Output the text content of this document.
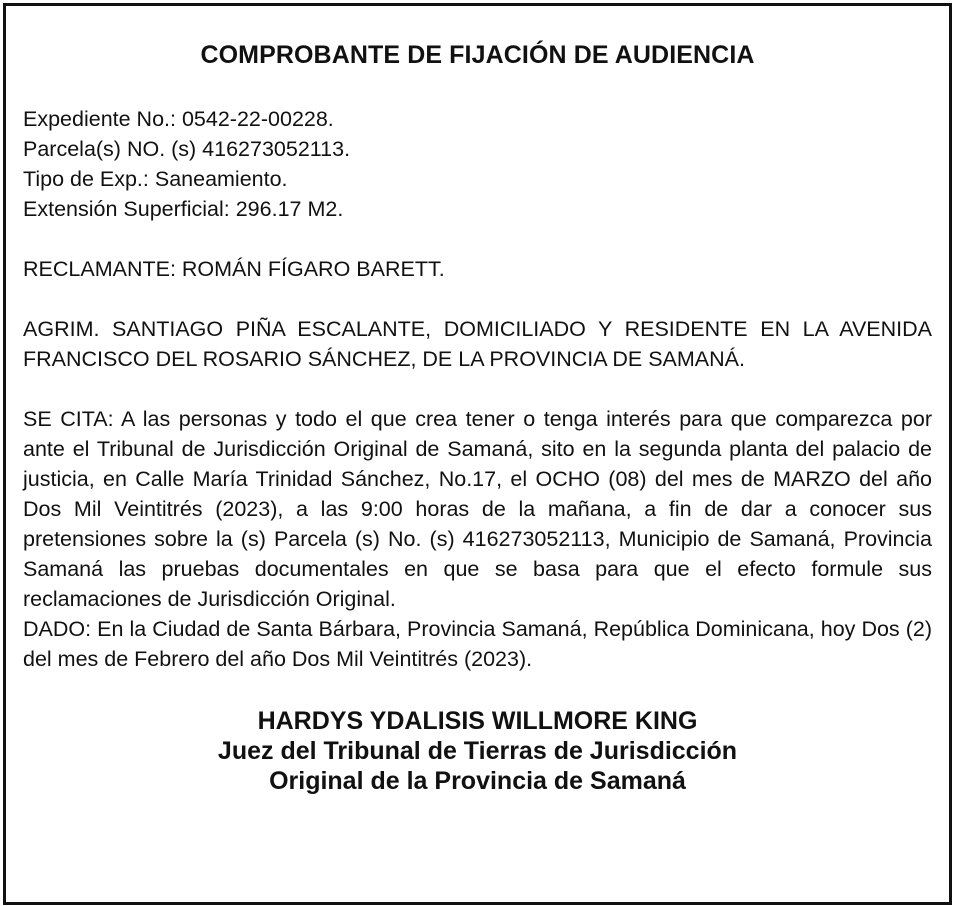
COMPROBANTE DE FIJACIÓN DE AUDIENCIA
Expediente No.: 0542-22-00228.
Parcela(s) NO. (s) 416273052113.
Tipo de Exp.: Saneamiento.
Extensión Superficial: 296.17 M2.

RECLAMANTE: ROMÁN FÍGARO BARETT.

AGRIM. SANTIAGO PIÑA ESCALANTE, DOMICILIADO Y RESIDENTE EN LA AVENIDA FRANCISCO DEL ROSARIO SÁNCHEZ, DE LA PROVINCIA DE SAMANÁ.

SE CITA: A las personas y todo el que crea tener o tenga interés para que comparezca por ante el Tribunal de Jurisdicción Original de Samaná, sito en la segunda planta del palacio de justicia, en Calle María Trinidad Sánchez, No.17, el OCHO (08) del mes de MARZO del año Dos Mil Veintitrés (2023), a las 9:00 horas de la mañana, a fin de dar a conocer sus pretensiones sobre la (s) Parcela (s) No. (s) 416273052113, Municipio de Samaná, Provincia Samaná las pruebas documentales en que se basa para que el efecto formule sus reclamaciones de Jurisdicción Original.

DADO: En la Ciudad de Santa Bárbara, Provincia Samaná, República Dominicana, hoy Dos (2) del mes de Febrero del año Dos Mil Veintitrés (2023).

HARDYS YDALISIS WILLMORE KING
Juez del Tribunal de Tierras de Jurisdicción
Original de la Provincia de Samaná
